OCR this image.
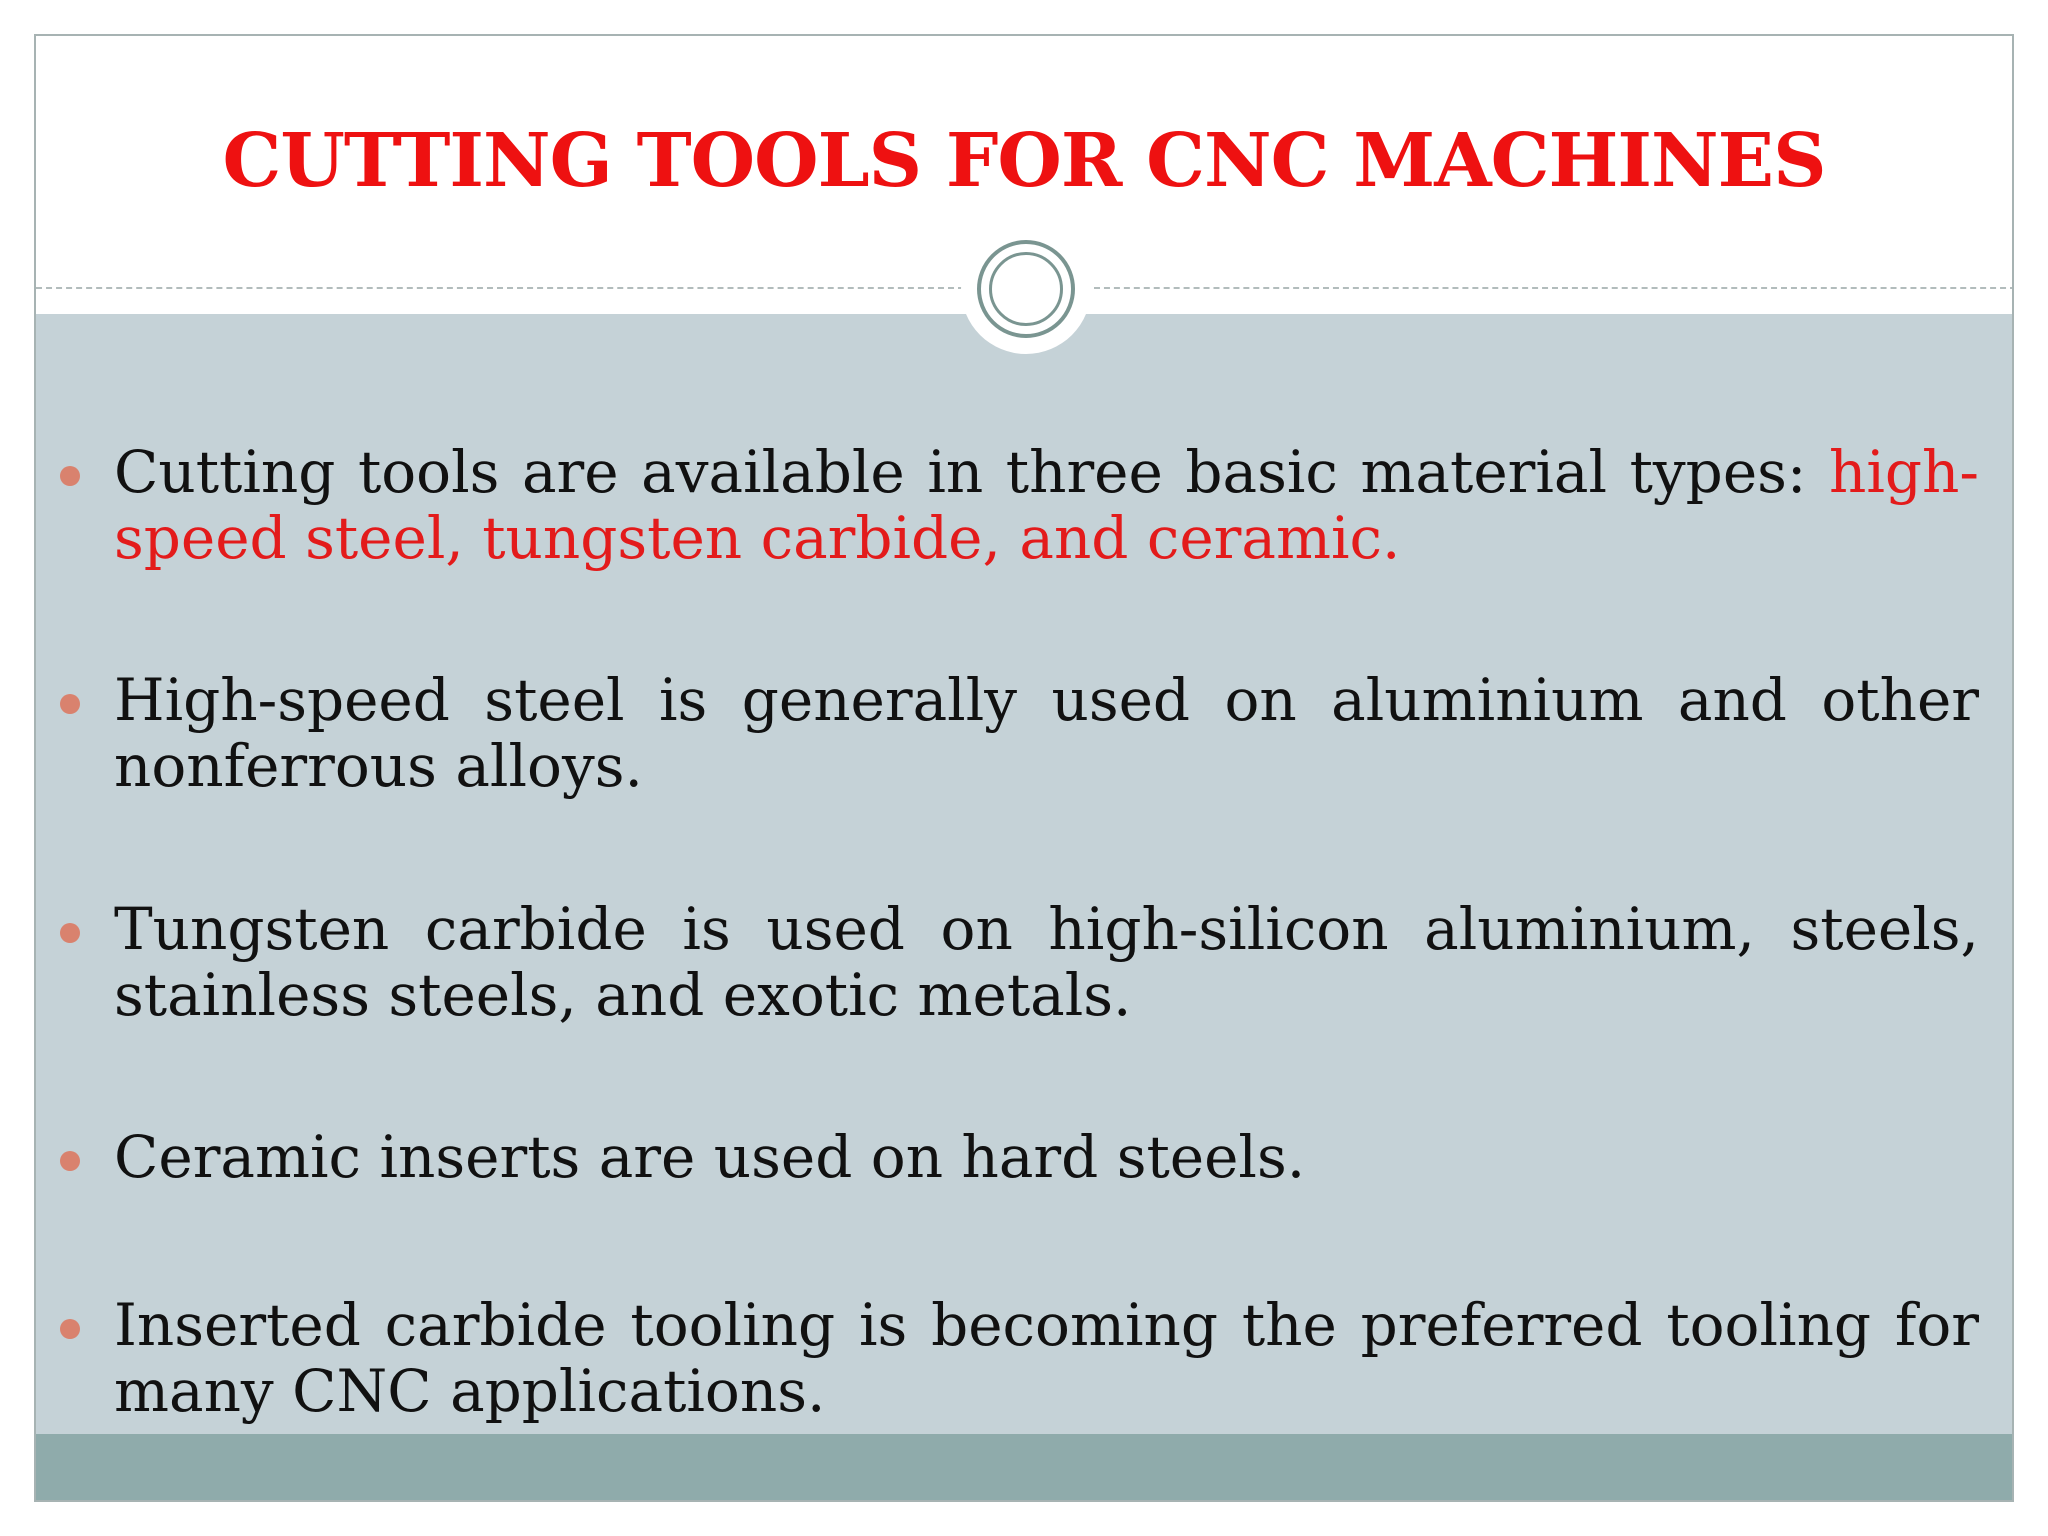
CUTTING TOOLS FOR CNC MACHINES
Cutting tools are available in three basic material types: high-speed steel, tungsten carbide, and ceramic.
High-speed steel is generally used on aluminium and other nonferrous alloys.
Tungsten carbide is used on high-silicon aluminium, steels, stainless steels, and exotic metals.
Ceramic inserts are used on hard steels.
Inserted carbide tooling is becoming the preferred tooling for many CNC applications.
